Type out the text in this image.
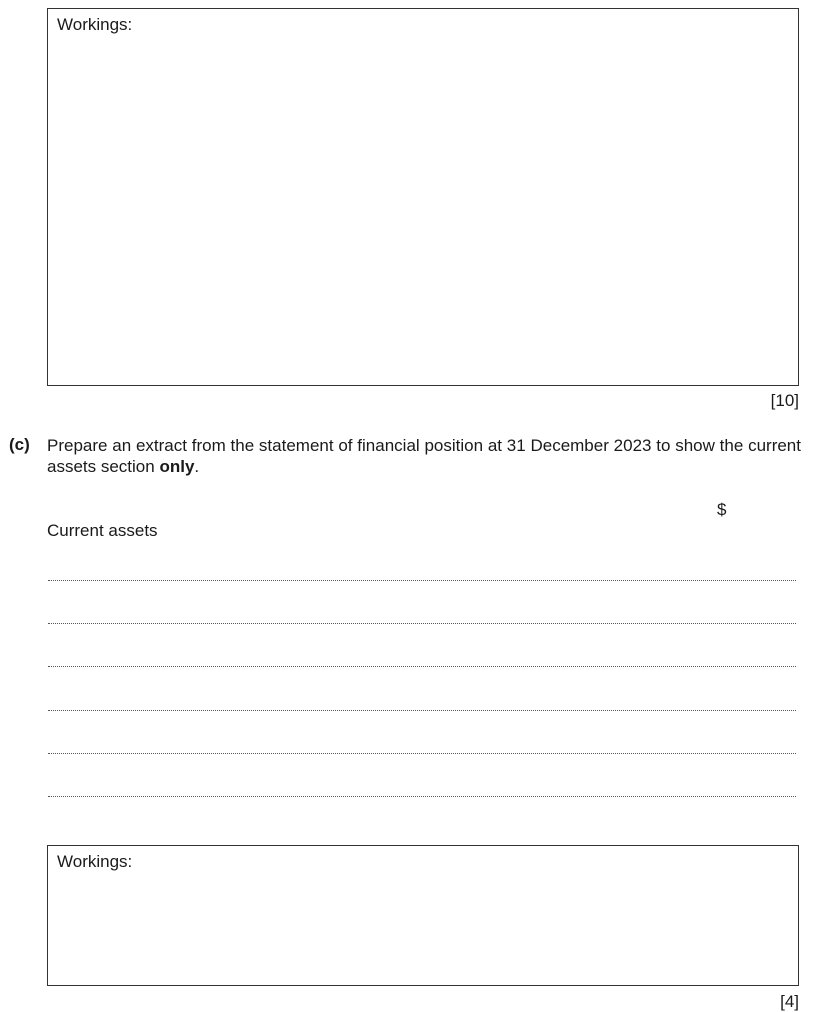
Workings:
[10]
(c) Prepare an extract from the statement of financial position at 31 December 2023 to show the current assets section only.
$
Current assets
Workings:
[4]
